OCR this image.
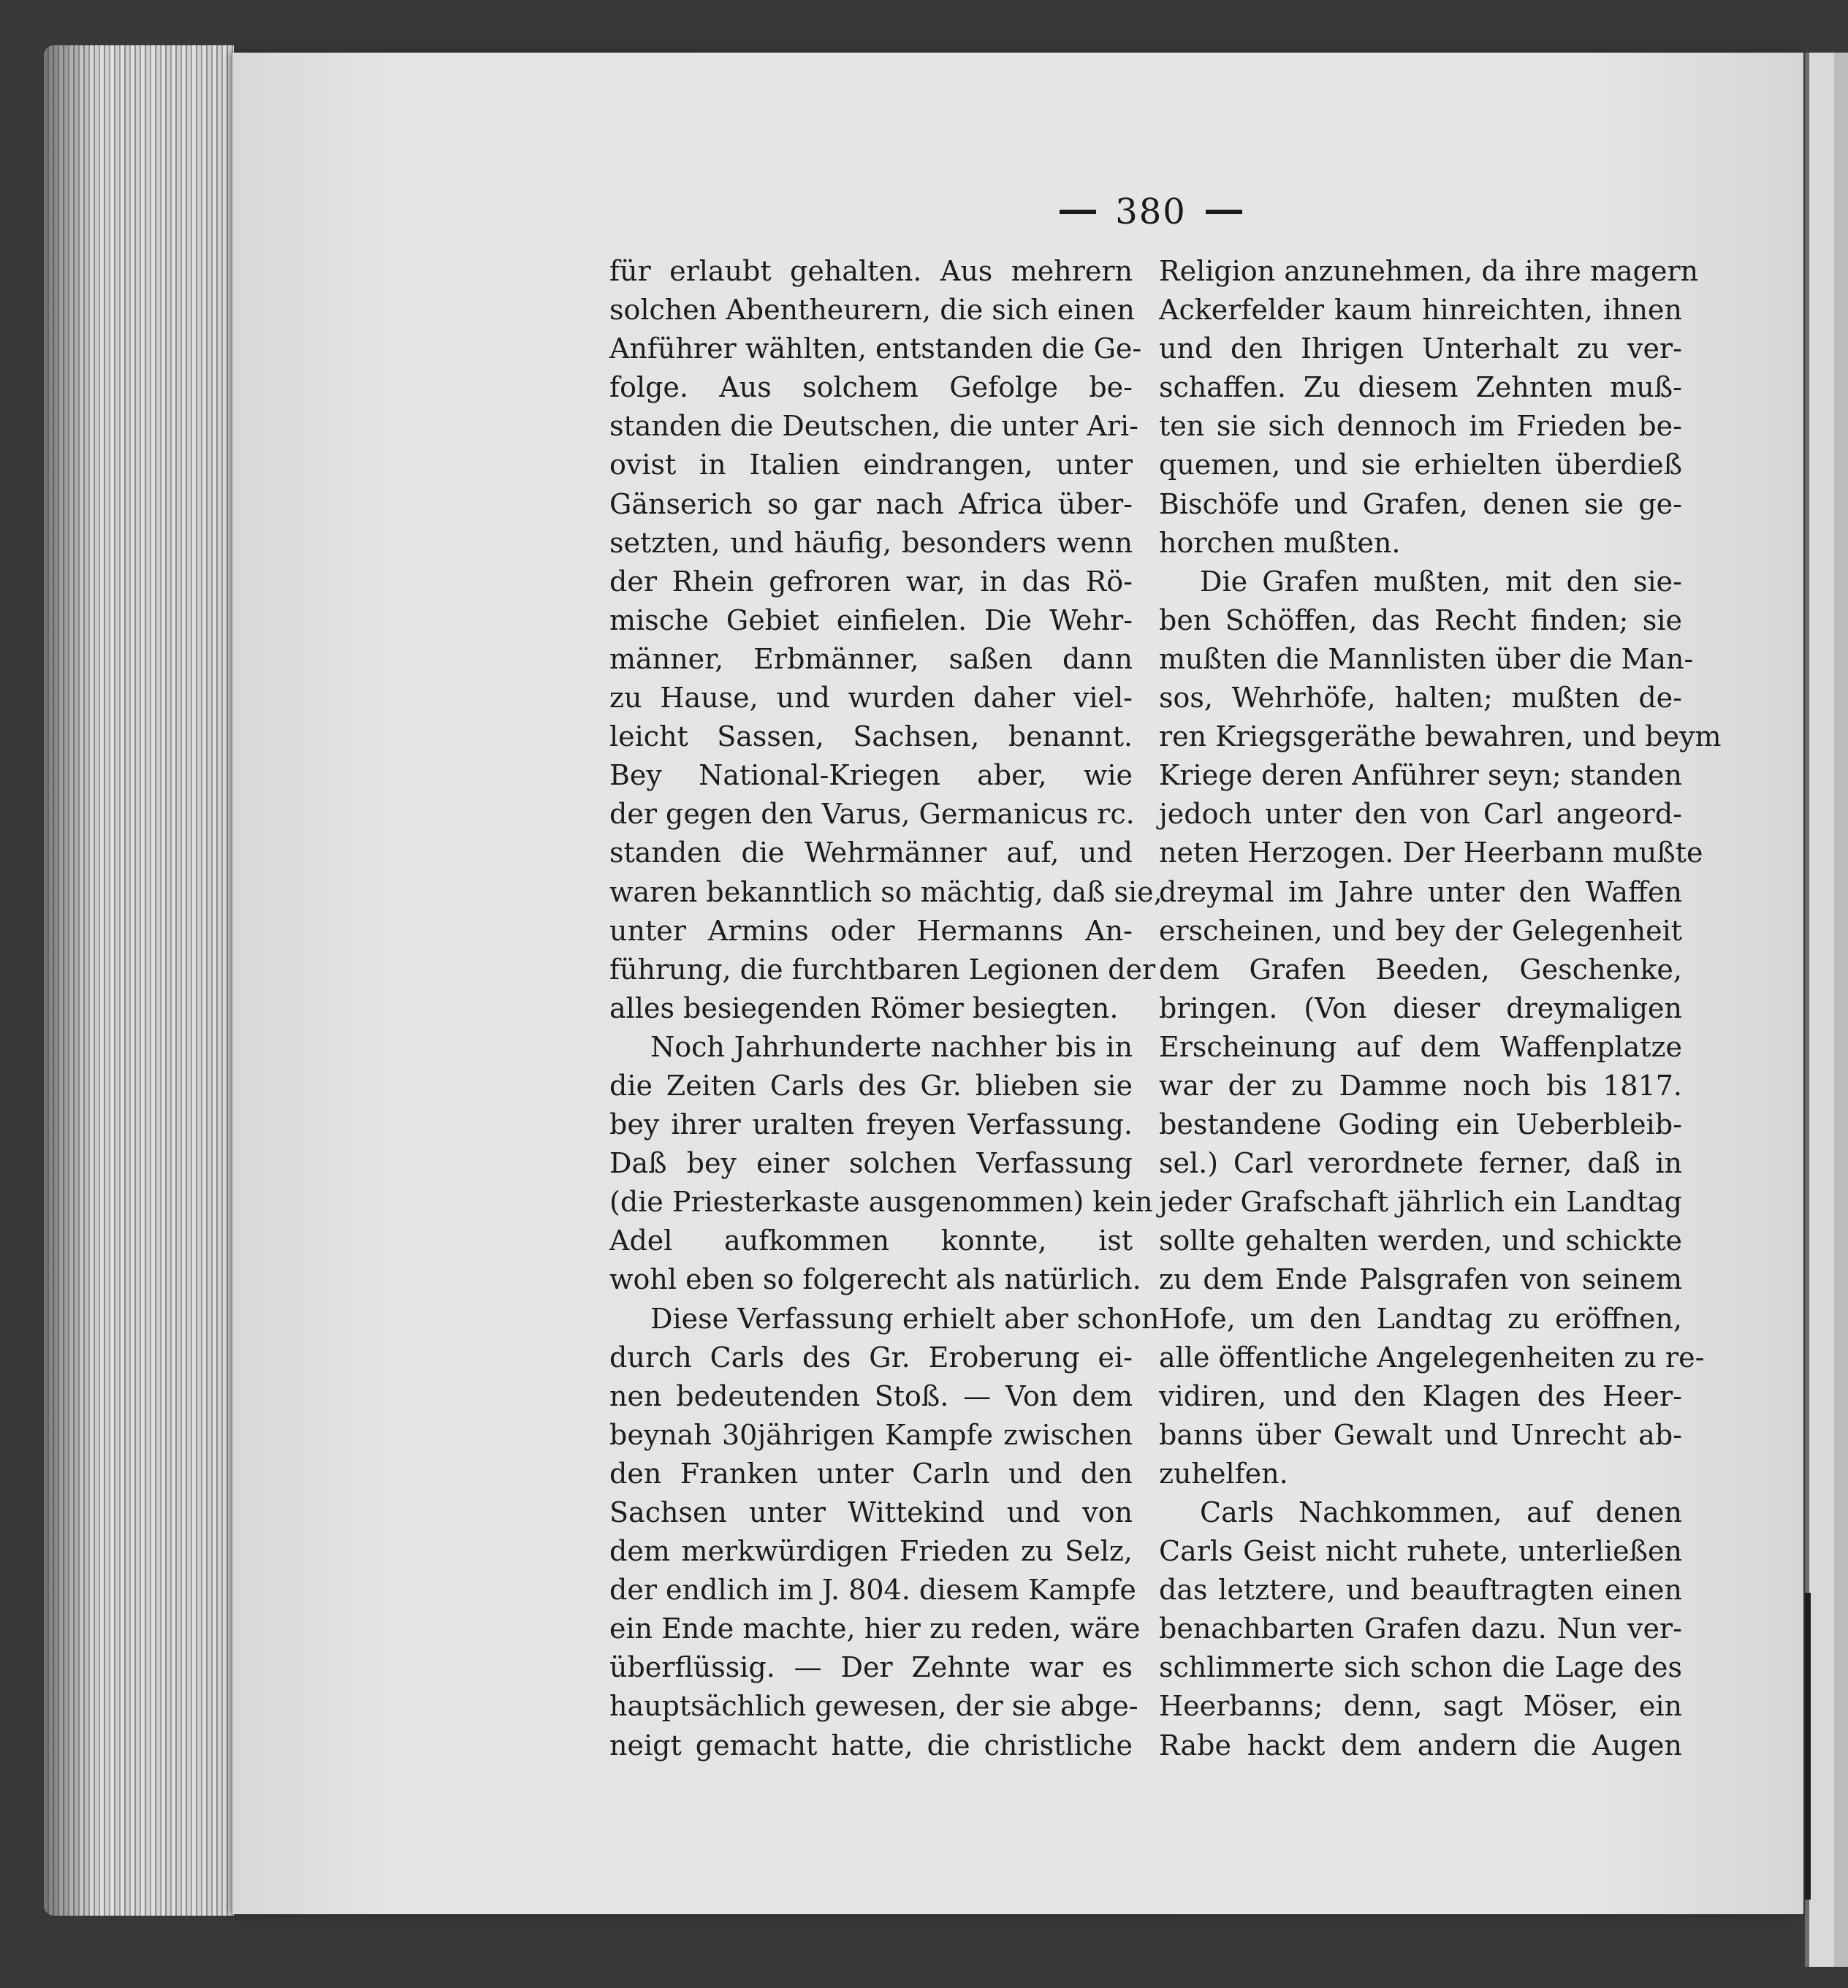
380
für erlaubt gehalten. Aus mehrern
solchen Abentheurern, die sich einen
Anführer wählten, entstanden die Ge-
folge. Aus solchem Gefolge be-
standen die Deutschen, die unter Ari-
ovist in Italien eindrangen, unter
Gänserich so gar nach Africa über-
setzten, und häufig, besonders wenn
der Rhein gefroren war, in das Rö-
mische Gebiet einfielen. Die Wehr-
männer, Erbmänner, saßen dann
zu Hause, und wurden daher viel-
leicht Sassen, Sachsen, benannt.
Bey National-Kriegen aber, wie
der gegen den Varus, Germanicus rc.
standen die Wehrmänner auf, und
waren bekanntlich so mächtig, daß sie,
unter Armins oder Hermanns An-
führung, die furchtbaren Legionen der
alles besiegenden Römer besiegten.
Noch Jahrhunderte nachher bis in
die Zeiten Carls des Gr. blieben sie
bey ihrer uralten freyen Verfassung.
Daß bey einer solchen Verfassung
(die Priesterkaste ausgenommen) kein
Adel aufkommen konnte, ist
wohl eben so folgerecht als natürlich.
Diese Verfassung erhielt aber schon
durch Carls des Gr. Eroberung ei-
nen bedeutenden Stoß. — Von dem
beynah 30jährigen Kampfe zwischen
den Franken unter Carln und den
Sachsen unter Wittekind und von
dem merkwürdigen Frieden zu Selz,
der endlich im J. 804. diesem Kampfe
ein Ende machte, hier zu reden, wäre
überflüssig. — Der Zehnte war es
hauptsächlich gewesen, der sie abge-
neigt gemacht hatte, die christliche
Religion anzunehmen, da ihre magern
Ackerfelder kaum hinreichten, ihnen
und den Ihrigen Unterhalt zu ver-
schaffen. Zu diesem Zehnten muß-
ten sie sich dennoch im Frieden be-
quemen, und sie erhielten überdieß
Bischöfe und Grafen, denen sie ge-
horchen mußten.
Die Grafen mußten, mit den sie-
ben Schöffen, das Recht finden; sie
mußten die Mannlisten über die Man-
sos, Wehrhöfe, halten; mußten de-
ren Kriegsgeräthe bewahren, und beym
Kriege deren Anführer seyn; standen
jedoch unter den von Carl angeord-
neten Herzogen. Der Heerbann mußte
dreymal im Jahre unter den Waffen
erscheinen, und bey der Gelegenheit
dem Grafen Beeden, Geschenke,
bringen. (Von dieser dreymaligen
Erscheinung auf dem Waffenplatze
war der zu Damme noch bis 1817.
bestandene Goding ein Ueberbleib-
sel.) Carl verordnete ferner, daß in
jeder Grafschaft jährlich ein Landtag
sollte gehalten werden, und schickte
zu dem Ende Palsgrafen von seinem
Hofe, um den Landtag zu eröffnen,
alle öffentliche Angelegenheiten zu re-
vidiren, und den Klagen des Heer-
banns über Gewalt und Unrecht ab-
zuhelfen.
Carls Nachkommen, auf denen
Carls Geist nicht ruhete, unterließen
das letztere, und beauftragten einen
benachbarten Grafen dazu. Nun ver-
schlimmerte sich schon die Lage des
Heerbanns; denn, sagt Möser, ein
Rabe hackt dem andern die Augen
